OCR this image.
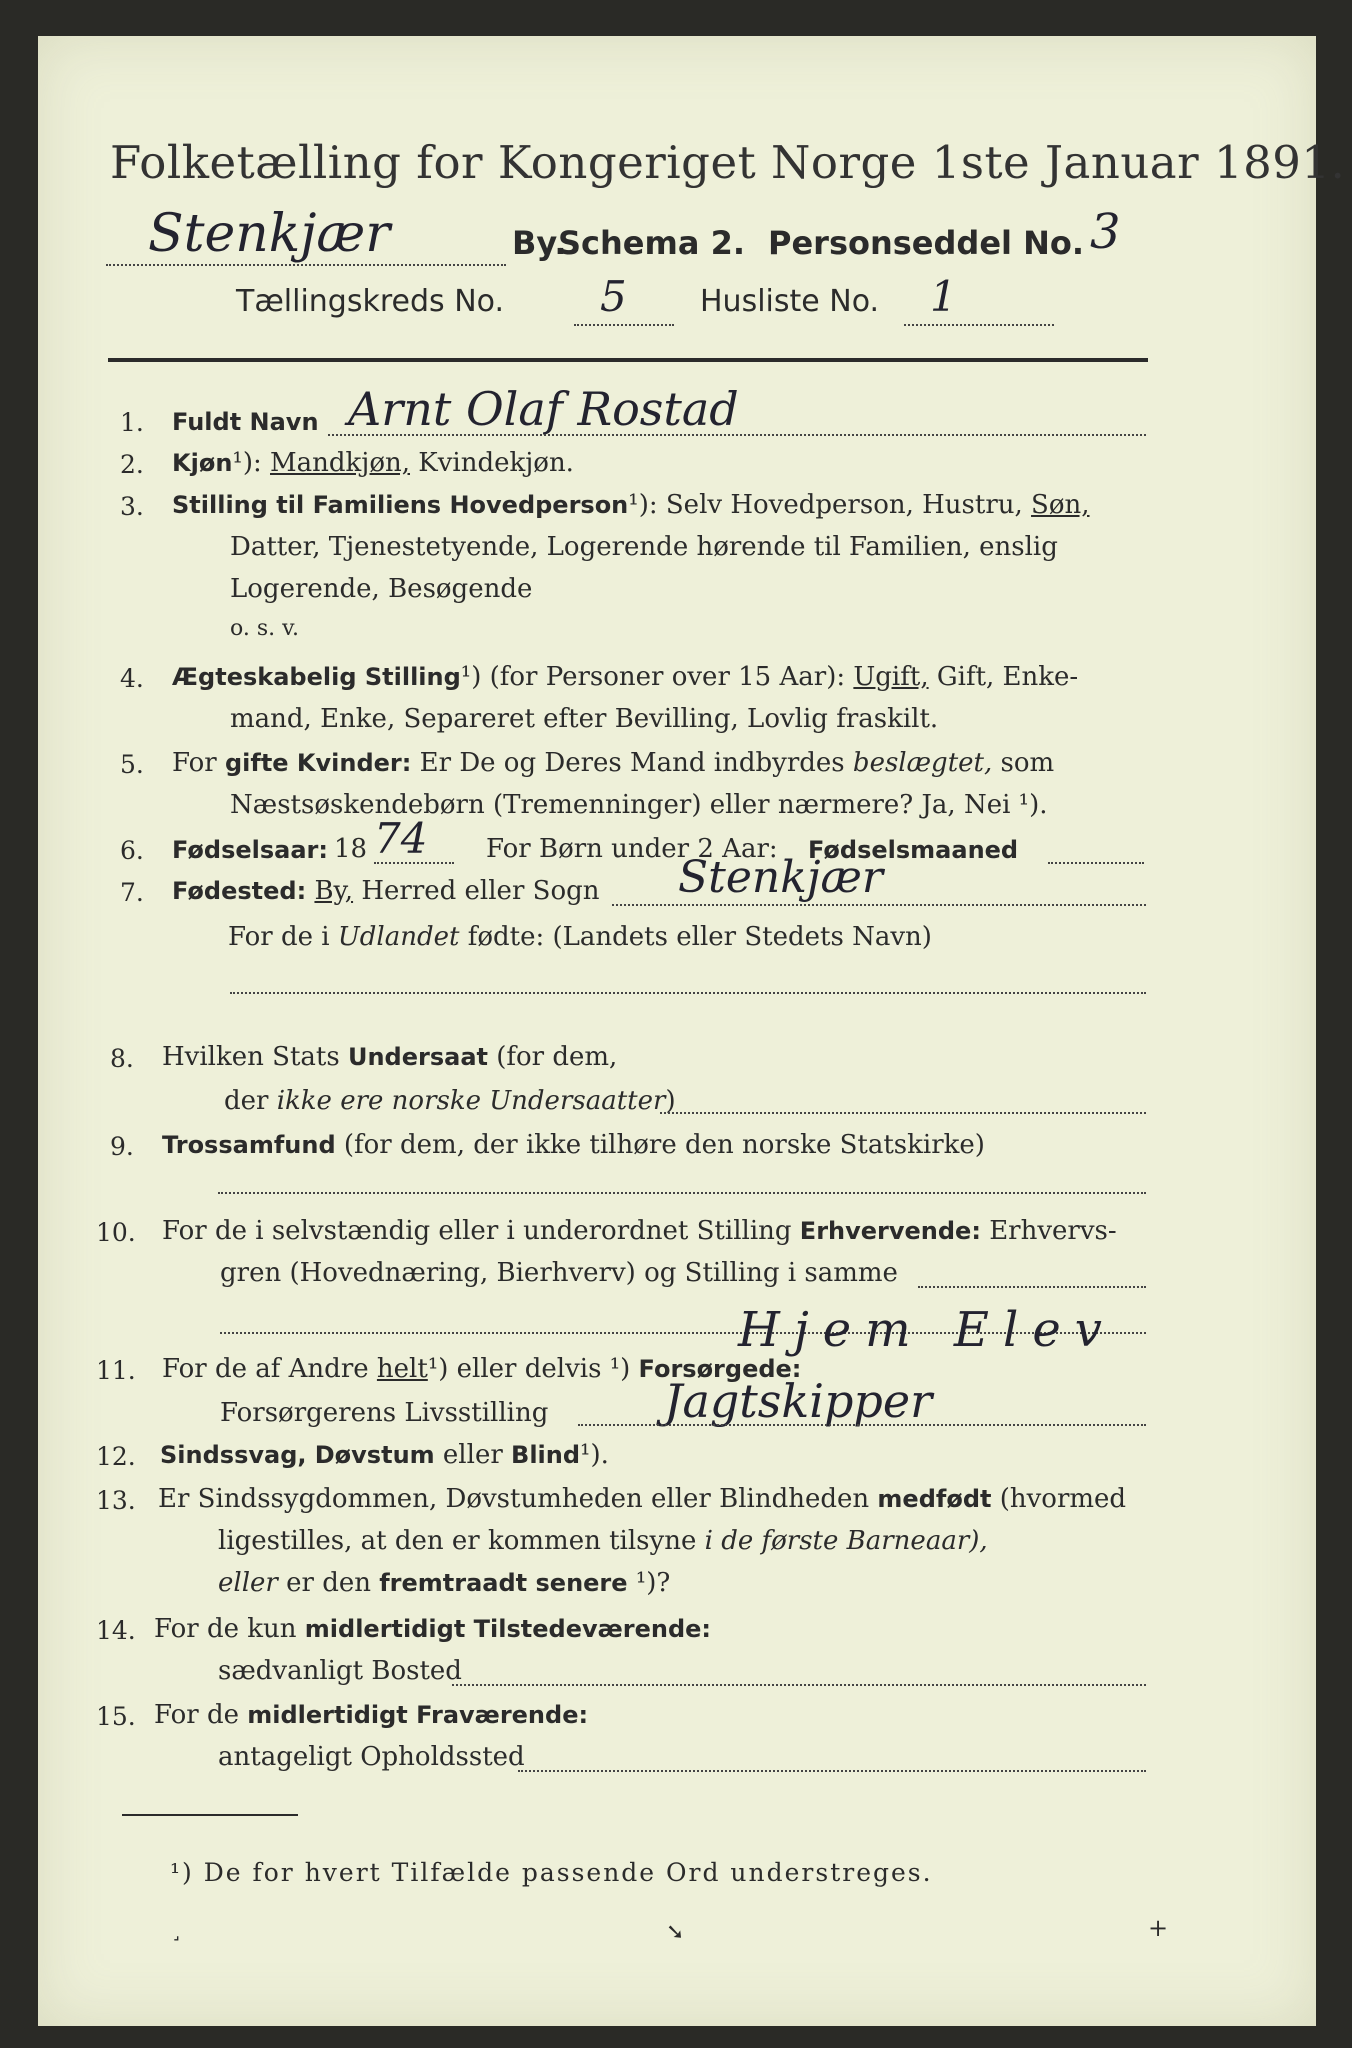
Folketælling for Kongeriget Norge 1ste Januar 1891.
Stenkjær	By.
Schema 2. Personseddel No. 3
Tællingskreds No. 5 Husliste No. 1
1. Fuldt Navn Arnt Olaf Rostad
2. Kjøn¹): Mandkjøn, Kvindekjøn.
3. Stilling til Familiens Hovedperson¹): Selv Hovedperson, Hustru, Søn,
Datter, Tjenestetyende, Logerende hørende til Familien, enslig
Logerende, Besøgende
o. s. v.
4. Ægteskabelig Stilling¹) (for Personer over 15 Aar): Ugift, Gift, Enke-
mand, Enke, Separeret efter Bevilling, Lovlig fraskilt.
5. For gifte Kvinder: Er De og Deres Mand indbyrdes beslægtet, som
Næstsøskendebørn (Tremenninger) eller nærmere? Ja, Nei ¹).
6. Fødselsaar: 18 74 For Børn under 2 Aar: Fødselsmaaned
7. Fødested: By, Herred eller Sogn Stenkjær
For de i Udlandet fødte: (Landets eller Stedets Navn)
8. Hvilken Stats Undersaat (for dem,
der ikke ere norske Undersaatter)
9. Trossamfund (for dem, der ikke tilhøre den norske Statskirke)
10. For de i selvstændig eller i underordnet Stilling Erhvervende: Erhvervs-
gren (Hovednæring, Bierhverv) og Stilling i samme
Hjem Elev
11. For de af Andre helt¹) eller delvis ¹) Forsørgede:
Forsørgerens Livsstilling	Jagtskipper
12. Sindssvag, Døvstum eller Blind¹).
13. Er Sindssygdommen, Døvstumheden eller Blindheden medfødt (hvormed
ligestilles, at den er kommen tilsyne i de første Barneaar),
eller er den fremtraadt senere ¹)?
14. For de kun midlertidigt Tilstedeværende:
sædvanligt Bosted
15. For de midlertidigt Fraværende:
antageligt Opholdssted
¹) De for hvert Tilfælde passende Ord understreges.
˼	➘	+
